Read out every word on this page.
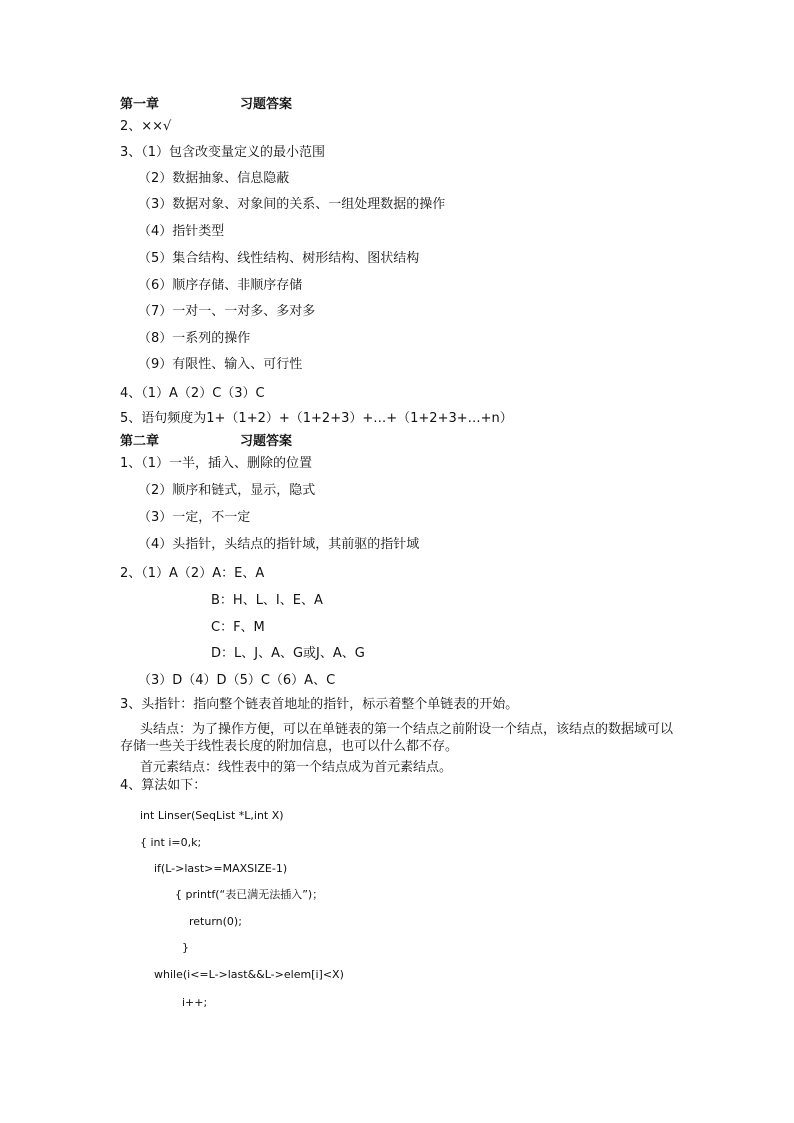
第一章	习题答案
2、××√
3、（1）包含改变量定义的最小范围
（2）数据抽象、信息隐蔽
（3）数据对象、对象间的关系、一组处理数据的操作
（4）指针类型
（5）集合结构、线性结构、树形结构、图状结构
（6）顺序存储、非顺序存储
（7）一对一、一对多、多对多
（8）一系列的操作
（9）有限性、输入、可行性
4、（1）A（2）C（3）C
5、语句频度为1+（1+2）+（1+2+3）+…+（1+2+3+…+n）
第二章	习题答案
1、（1）一半，插入、删除的位置
（2）顺序和链式，显示，隐式
（3）一定，不一定
（4）头指针，头结点的指针域，其前驱的指针域
2、（1）A（2）A：E、A
B：H、L、I、E、A
C：F、M
D：L、J、A、G或J、A、G
（3）D（4）D（5）C（6）A、C
3、头指针：指向整个链表首地址的指针，标示着整个单链表的开始。
头结点：为了操作方便，可以在单链表的第一个结点之前附设一个结点，该结点的数据域可以存储一些关于线性表长度的附加信息，也可以什么都不存。
首元素结点：线性表中的第一个结点成为首元素结点。
4、算法如下：
int Linser(SeqList *L,int X)
{ int i=0,k;
if(L->last>=MAXSIZE-1)
{ printf(“表已满无法插入”)；
return(0);
}
while(i<=L->last&&L->elem[i]<X)
i++;
